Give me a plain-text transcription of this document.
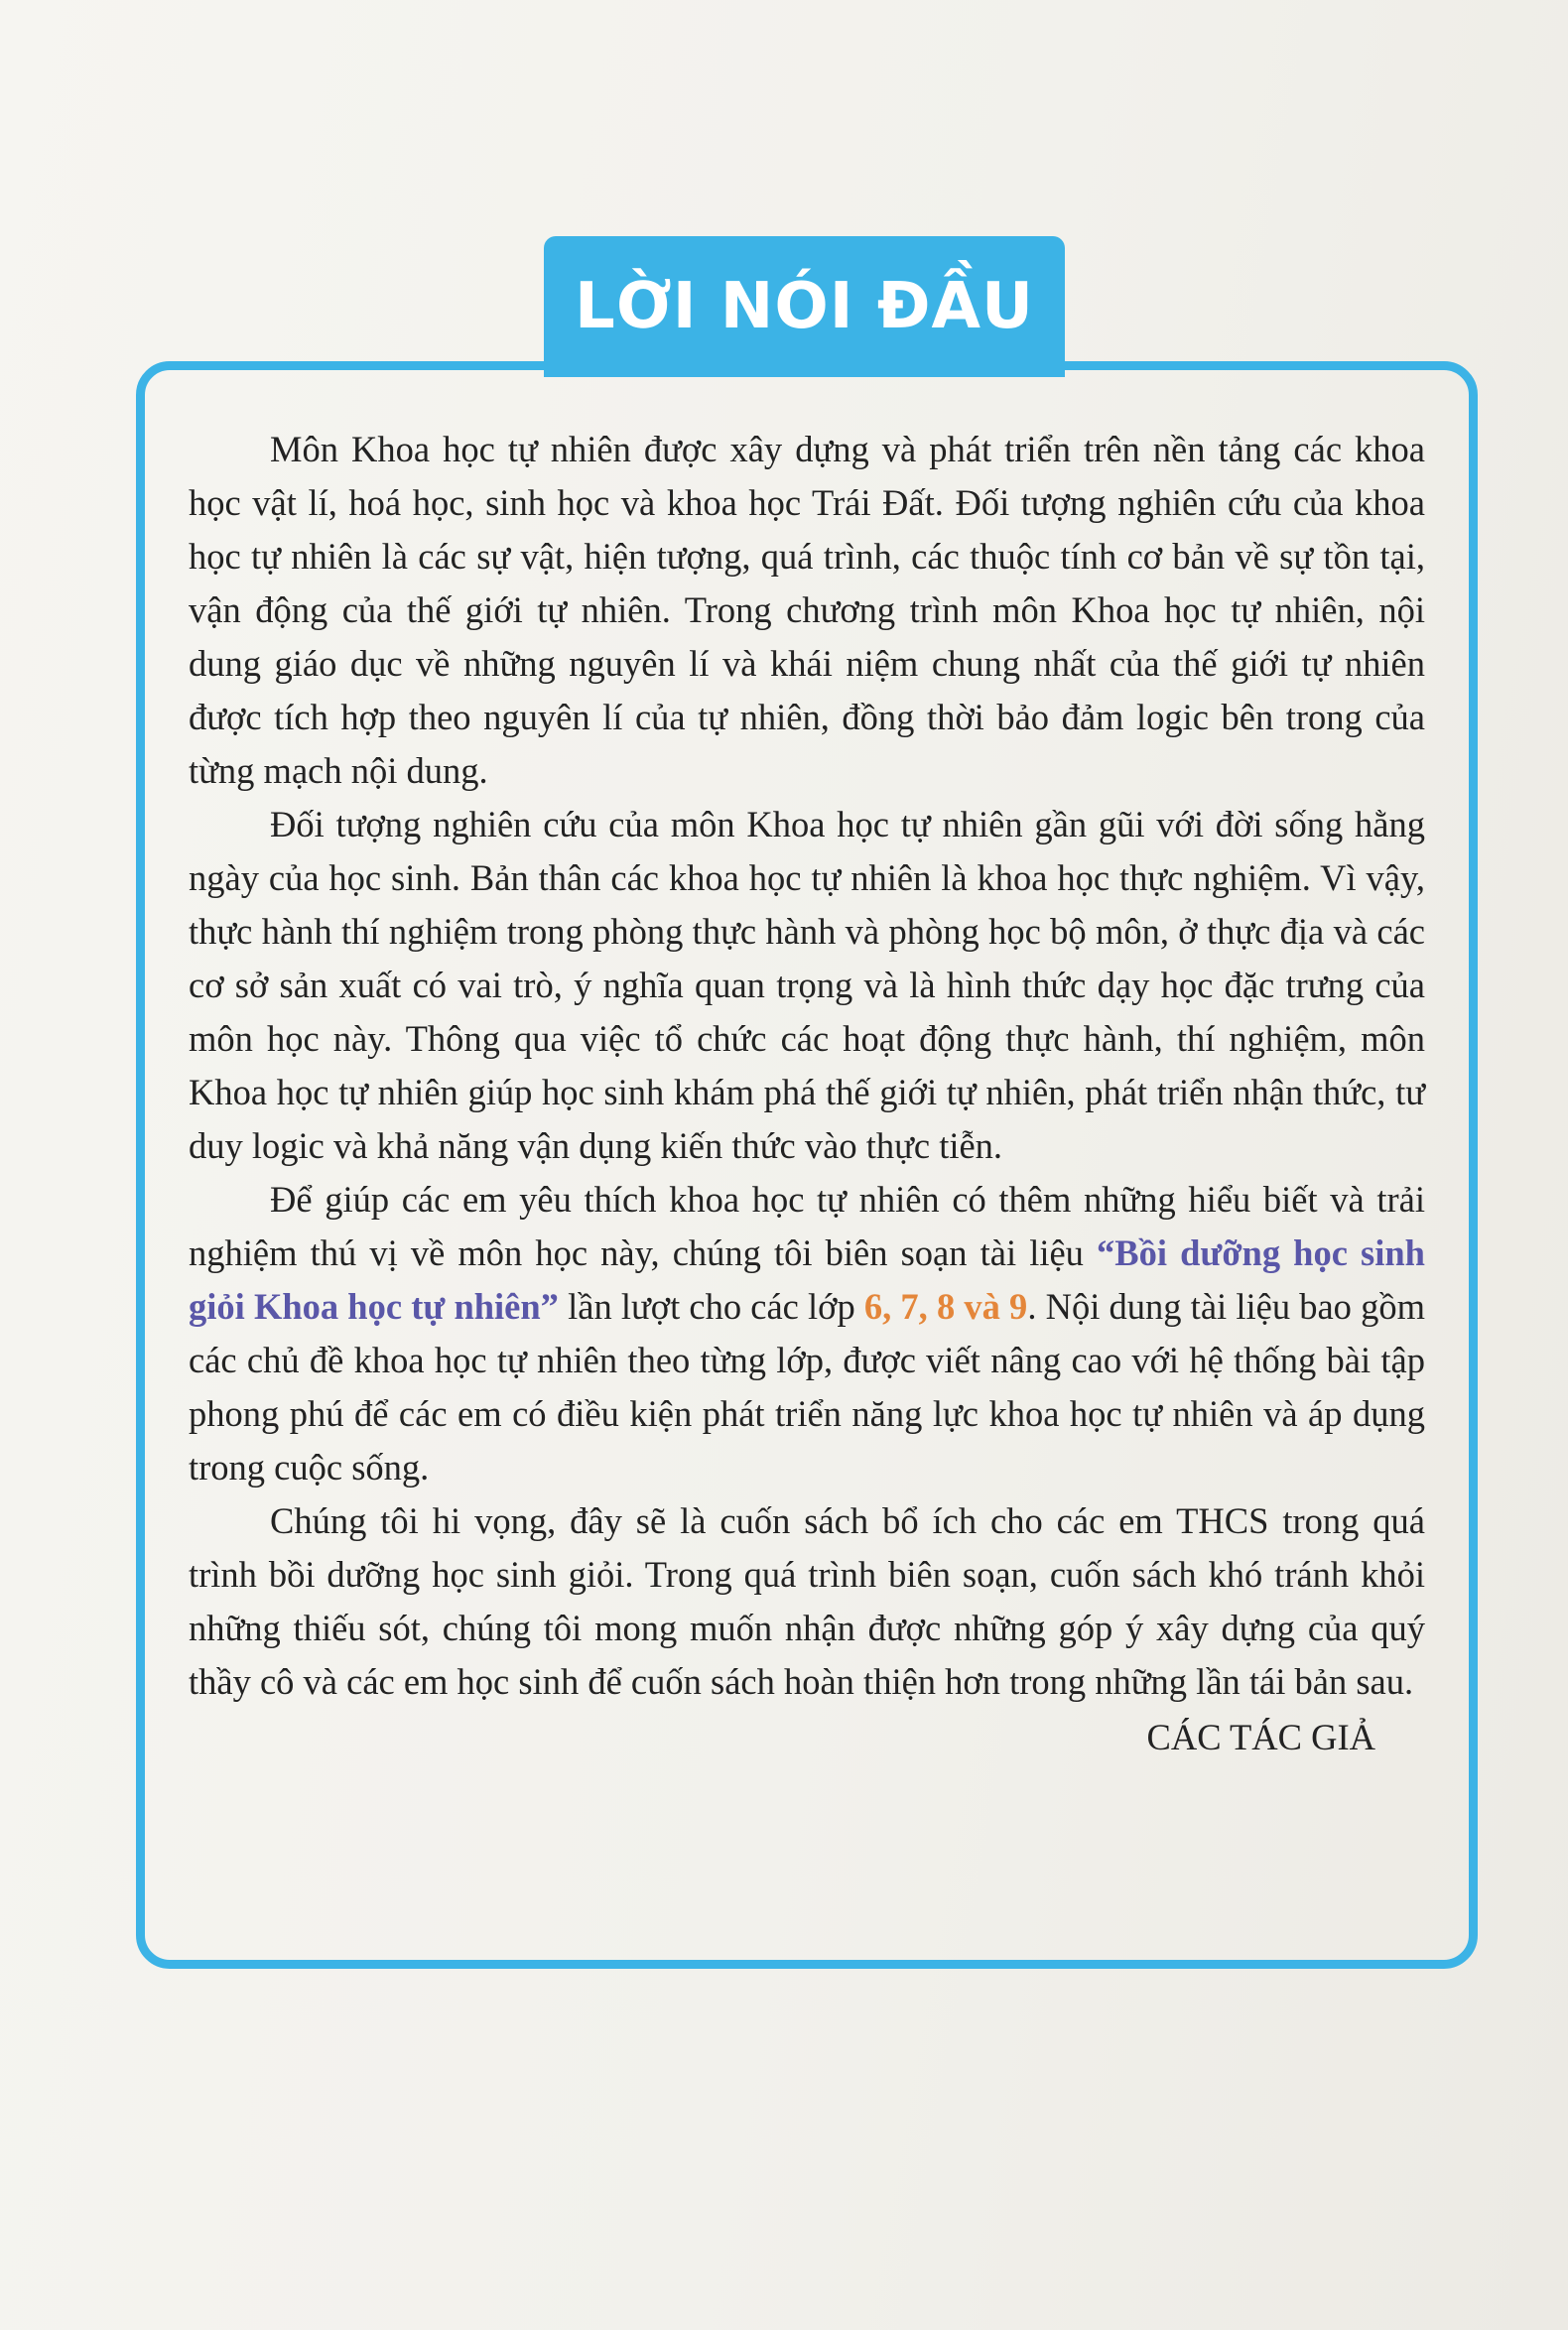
LỜI NÓI ĐẦU

Môn Khoa học tự nhiên được xây dựng và phát triển trên nền tảng các khoa học vật lí, hoá học, sinh học và khoa học Trái Đất. Đối tượng nghiên cứu của khoa học tự nhiên là các sự vật, hiện tượng, quá trình, các thuộc tính cơ bản về sự tồn tại, vận động của thế giới tự nhiên. Trong chương trình môn Khoa học tự nhiên, nội dung giáo dục về những nguyên lí và khái niệm chung nhất của thế giới tự nhiên được tích hợp theo nguyên lí của tự nhiên, đồng thời bảo đảm logic bên trong của từng mạch nội dung.

Đối tượng nghiên cứu của môn Khoa học tự nhiên gần gũi với đời sống hằng ngày của học sinh. Bản thân các khoa học tự nhiên là khoa học thực nghiệm. Vì vậy, thực hành thí nghiệm trong phòng thực hành và phòng học bộ môn, ở thực địa và các cơ sở sản xuất có vai trò, ý nghĩa quan trọng và là hình thức dạy học đặc trưng của môn học này. Thông qua việc tổ chức các hoạt động thực hành, thí nghiệm, môn Khoa học tự nhiên giúp học sinh khám phá thế giới tự nhiên, phát triển nhận thức, tư duy logic và khả năng vận dụng kiến thức vào thực tiễn.

Để giúp các em yêu thích khoa học tự nhiên có thêm những hiểu biết và trải nghiệm thú vị về môn học này, chúng tôi biên soạn tài liệu “Bồi dưỡng học sinh giỏi Khoa học tự nhiên” lần lượt cho các lớp 6, 7, 8 và 9. Nội dung tài liệu bao gồm các chủ đề khoa học tự nhiên theo từng lớp, được viết nâng cao với hệ thống bài tập phong phú để các em có điều kiện phát triển năng lực khoa học tự nhiên và áp dụng trong cuộc sống.

Chúng tôi hi vọng, đây sẽ là cuốn sách bổ ích cho các em THCS trong quá trình bồi dưỡng học sinh giỏi. Trong quá trình biên soạn, cuốn sách khó tránh khỏi những thiếu sót, chúng tôi mong muốn nhận được những góp ý xây dựng của quý thầy cô và các em học sinh để cuốn sách hoàn thiện hơn trong những lần tái bản sau.

CÁC TÁC GIẢ
